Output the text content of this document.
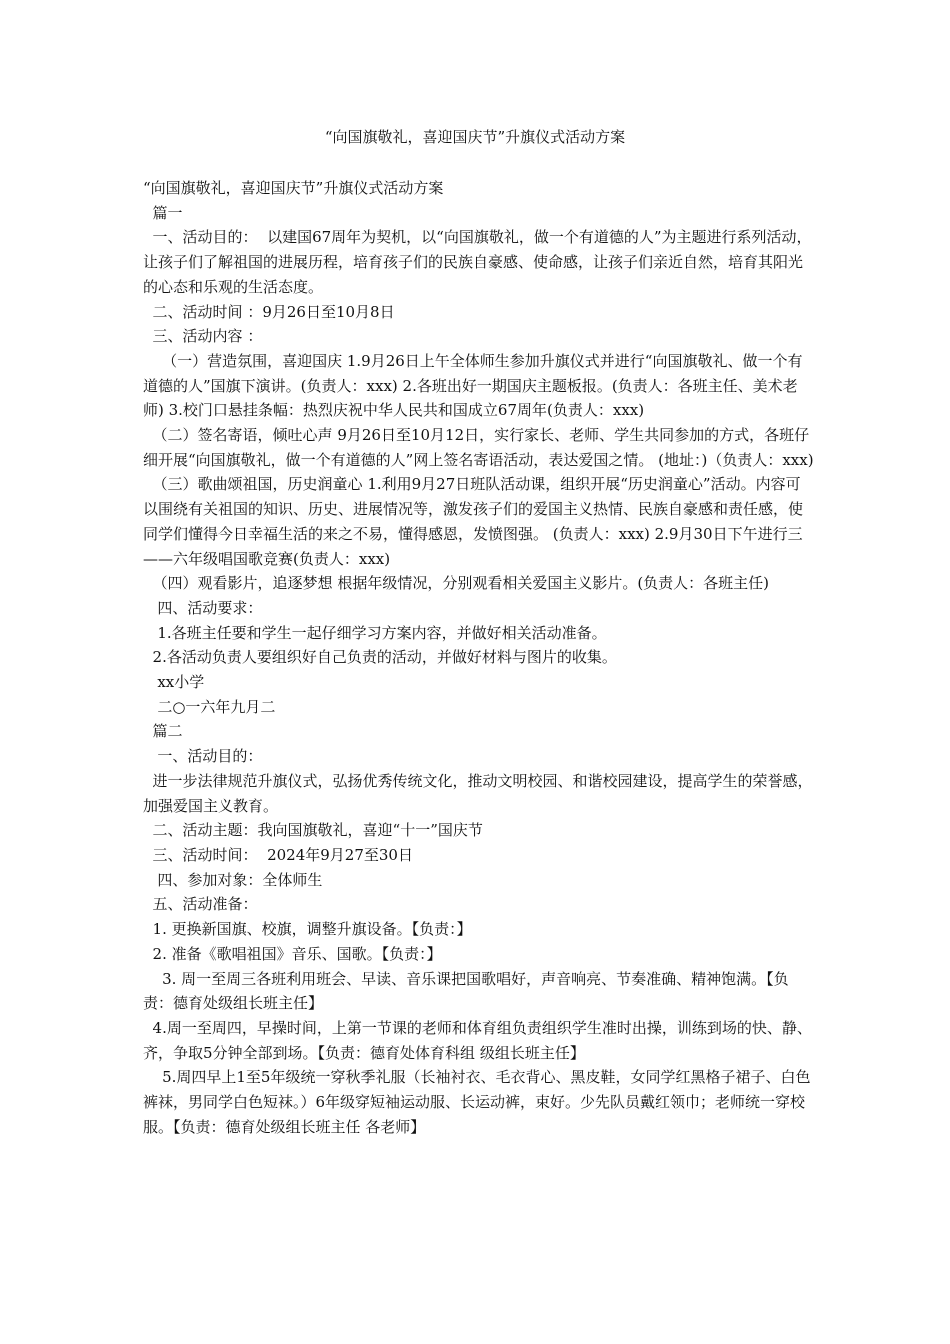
“向国旗敬礼，喜迎国庆节”升旗仪式活动方案

“向国旗敬礼，喜迎国庆节”升旗仪式活动方案

篇一

一、活动目的：  以建国67周年为契机，以“向国旗敬礼，做一个有道德的人”为主题进行系列活动，让孩子们了解祖国的进展历程，培育孩子们的民族自豪感、使命感，让孩子们亲近自然，培育其阳光的心态和乐观的生活态度。

二、活动时间 ：9月26日至10月8日

三、活动内容 ：

（一）营造氛围，喜迎国庆 1.9月26日上午全体师生参加升旗仪式并进行“向国旗敬礼、做一个有道德的人”国旗下演讲。(负责人：xxx) 2.各班出好一期国庆主题板报。(负责人：各班主任、美术老师) 3.校门口悬挂条幅：热烈庆祝中华人民共和国成立67周年(负责人：xxx)

（二）签名寄语，倾吐心声 9月26日至10月12日，实行家长、老师、学生共同参加的方式，各班仔细开展“向国旗敬礼，做一个有道德的人”网上签名寄语活动，表达爱国之情。 (地址：)（负责人：xxx)

（三）歌曲颂祖国，历史润童心 1.利用9月27日班队活动课，组织开展“历史润童心”活动。内容可以围绕有关祖国的知识、历史、进展情况等，激发孩子们的爱国主义热情、民族自豪感和责任感，使同学们懂得今日幸福生活的来之不易，懂得感恩，发愤图强。 (负责人：xxx) 2.9月30日下午进行三——六年级唱国歌竞赛(负责人：xxx)

（四）观看影片，追逐梦想 根据年级情况，分别观看相关爱国主义影片。(负责人：各班主任)

四、活动要求：

1.各班主任要和学生一起仔细学习方案内容，并做好相关活动准备。

2.各活动负责人要组织好自己负责的活动，并做好材料与图片的收集。

xx小学

二○一六年九月二

篇二

一、活动目的：

进一步法律规范升旗仪式，弘扬优秀传统文化，推动文明校园、和谐校园建设，提高学生的荣誉感，加强爱国主义教育。

二、活动主题：我向国旗敬礼，喜迎“十一”国庆节

三、活动时间：  2024年9月27至30日

四、参加对象：全体师生

五、活动准备：

1. 更换新国旗、校旗，调整升旗设备。【负责：】

2. 准备《歌唱祖国》音乐、国歌。【负责：】

3. 周一至周三各班利用班会、早读、音乐课把国歌唱好，声音响亮、节奏准确、精神饱满。【负责：德育处级组长班主任】

4.周一至周四，早操时间，上第一节课的老师和体育组负责组织学生准时出操，训练到场的快、静、齐，争取5分钟全部到场。【负责：德育处体育科组 级组长班主任】

5.周四早上1至5年级统一穿秋季礼服（长袖衬衣、毛衣背心、黑皮鞋，女同学红黑格子裙子、白色裤袜，男同学白色短袜。）6年级穿短袖运动服、长运动裤，束好。少先队员戴红领巾；老师统一穿校服。【负责：德育处级组长班主任 各老师】
